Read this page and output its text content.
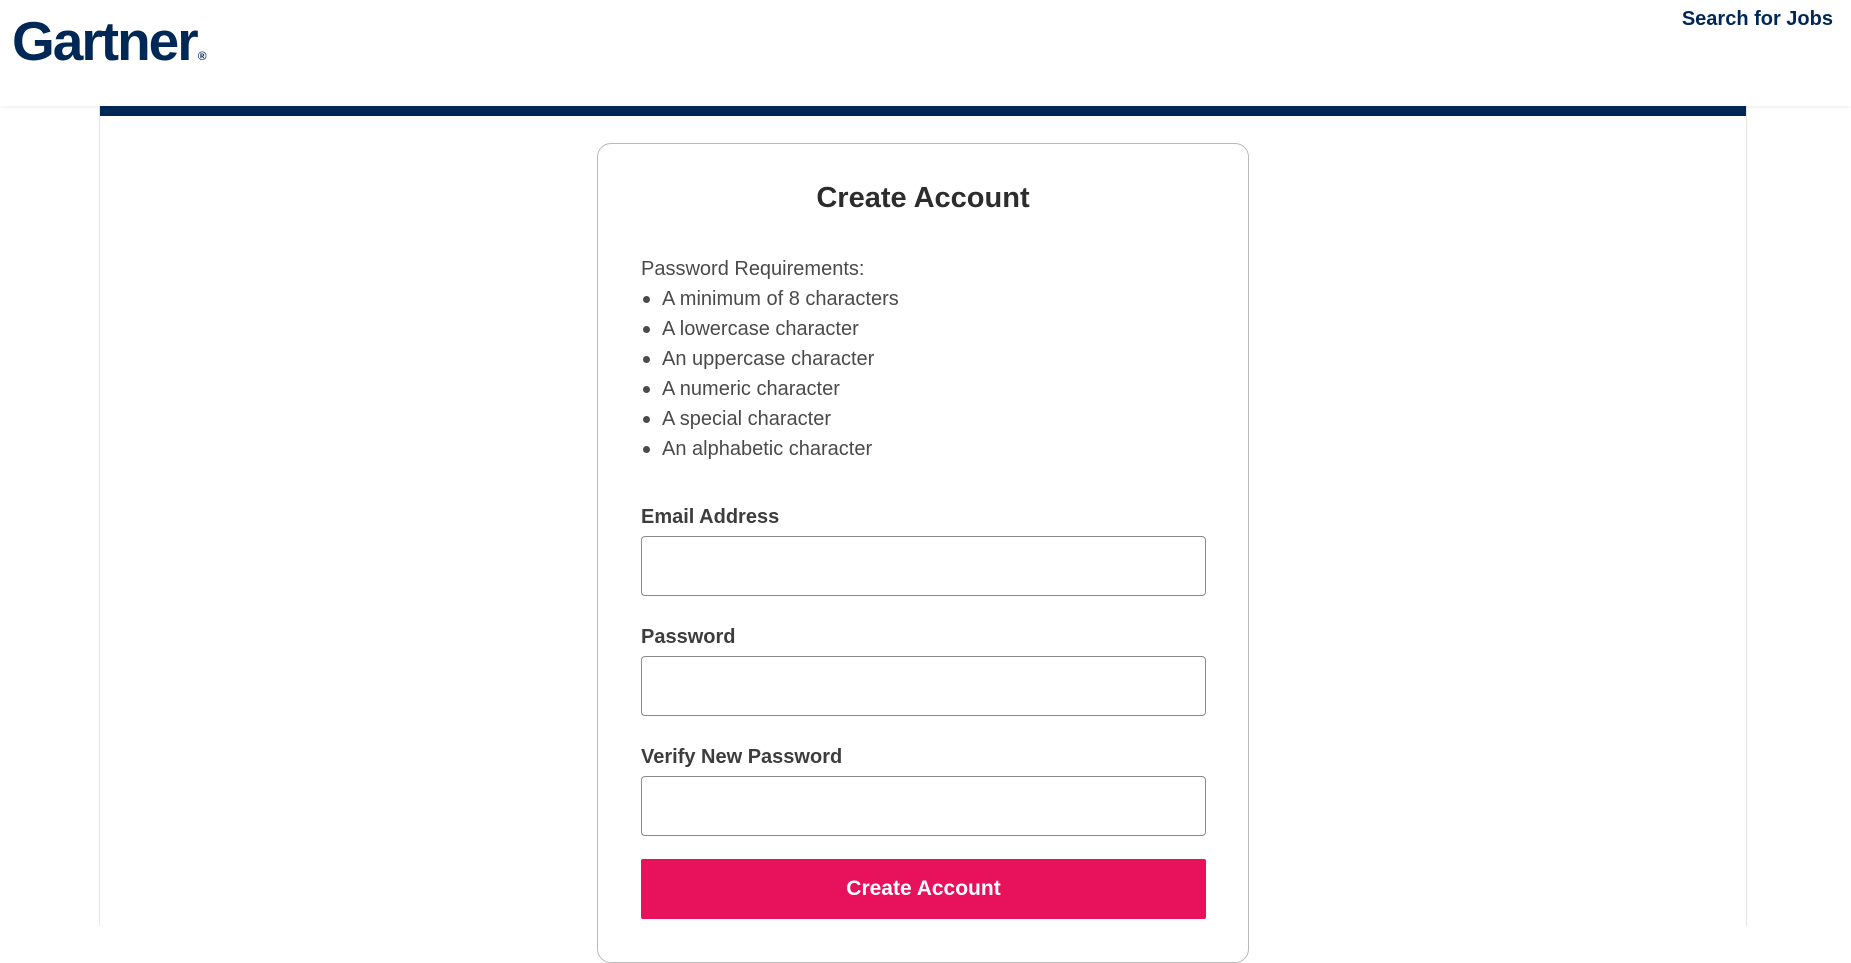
Gartner®
Search for Jobs
Create Account
Password Requirements:
A minimum of 8 characters
A lowercase character
An uppercase character
A numeric character
A special character
An alphabetic character
Email Address
Password
Verify New Password
Create Account
